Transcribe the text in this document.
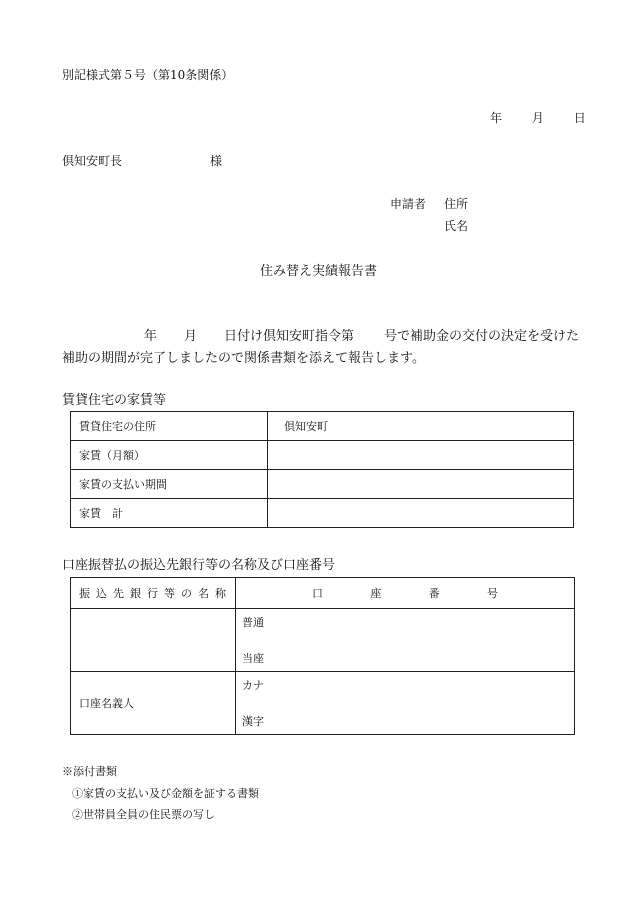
別記様式第５号（第10条関係）
年 月 日
倶知安町長	様
申請者 住所
氏名
住み替え実績報告書
年 月 日付け倶知安町指令第 号で補助金の交付の決定を受けた
補助の期間が完了しましたので関係書類を添えて報告します。
賃貸住宅の家賃等
賃貸住宅の住所	倶知安町
家賃（月額）	
家賃の支払い期間	
家賃　計	
口座振替払の振込先銀行等の名称及び口座番号
振込先銀行等の名称	口 座 番 号

	普通
当座

口座名義人	カナ
漢字
※添付書類
①家賃の支払い及び金額を証する書類
②世帯員全員の住民票の写し
